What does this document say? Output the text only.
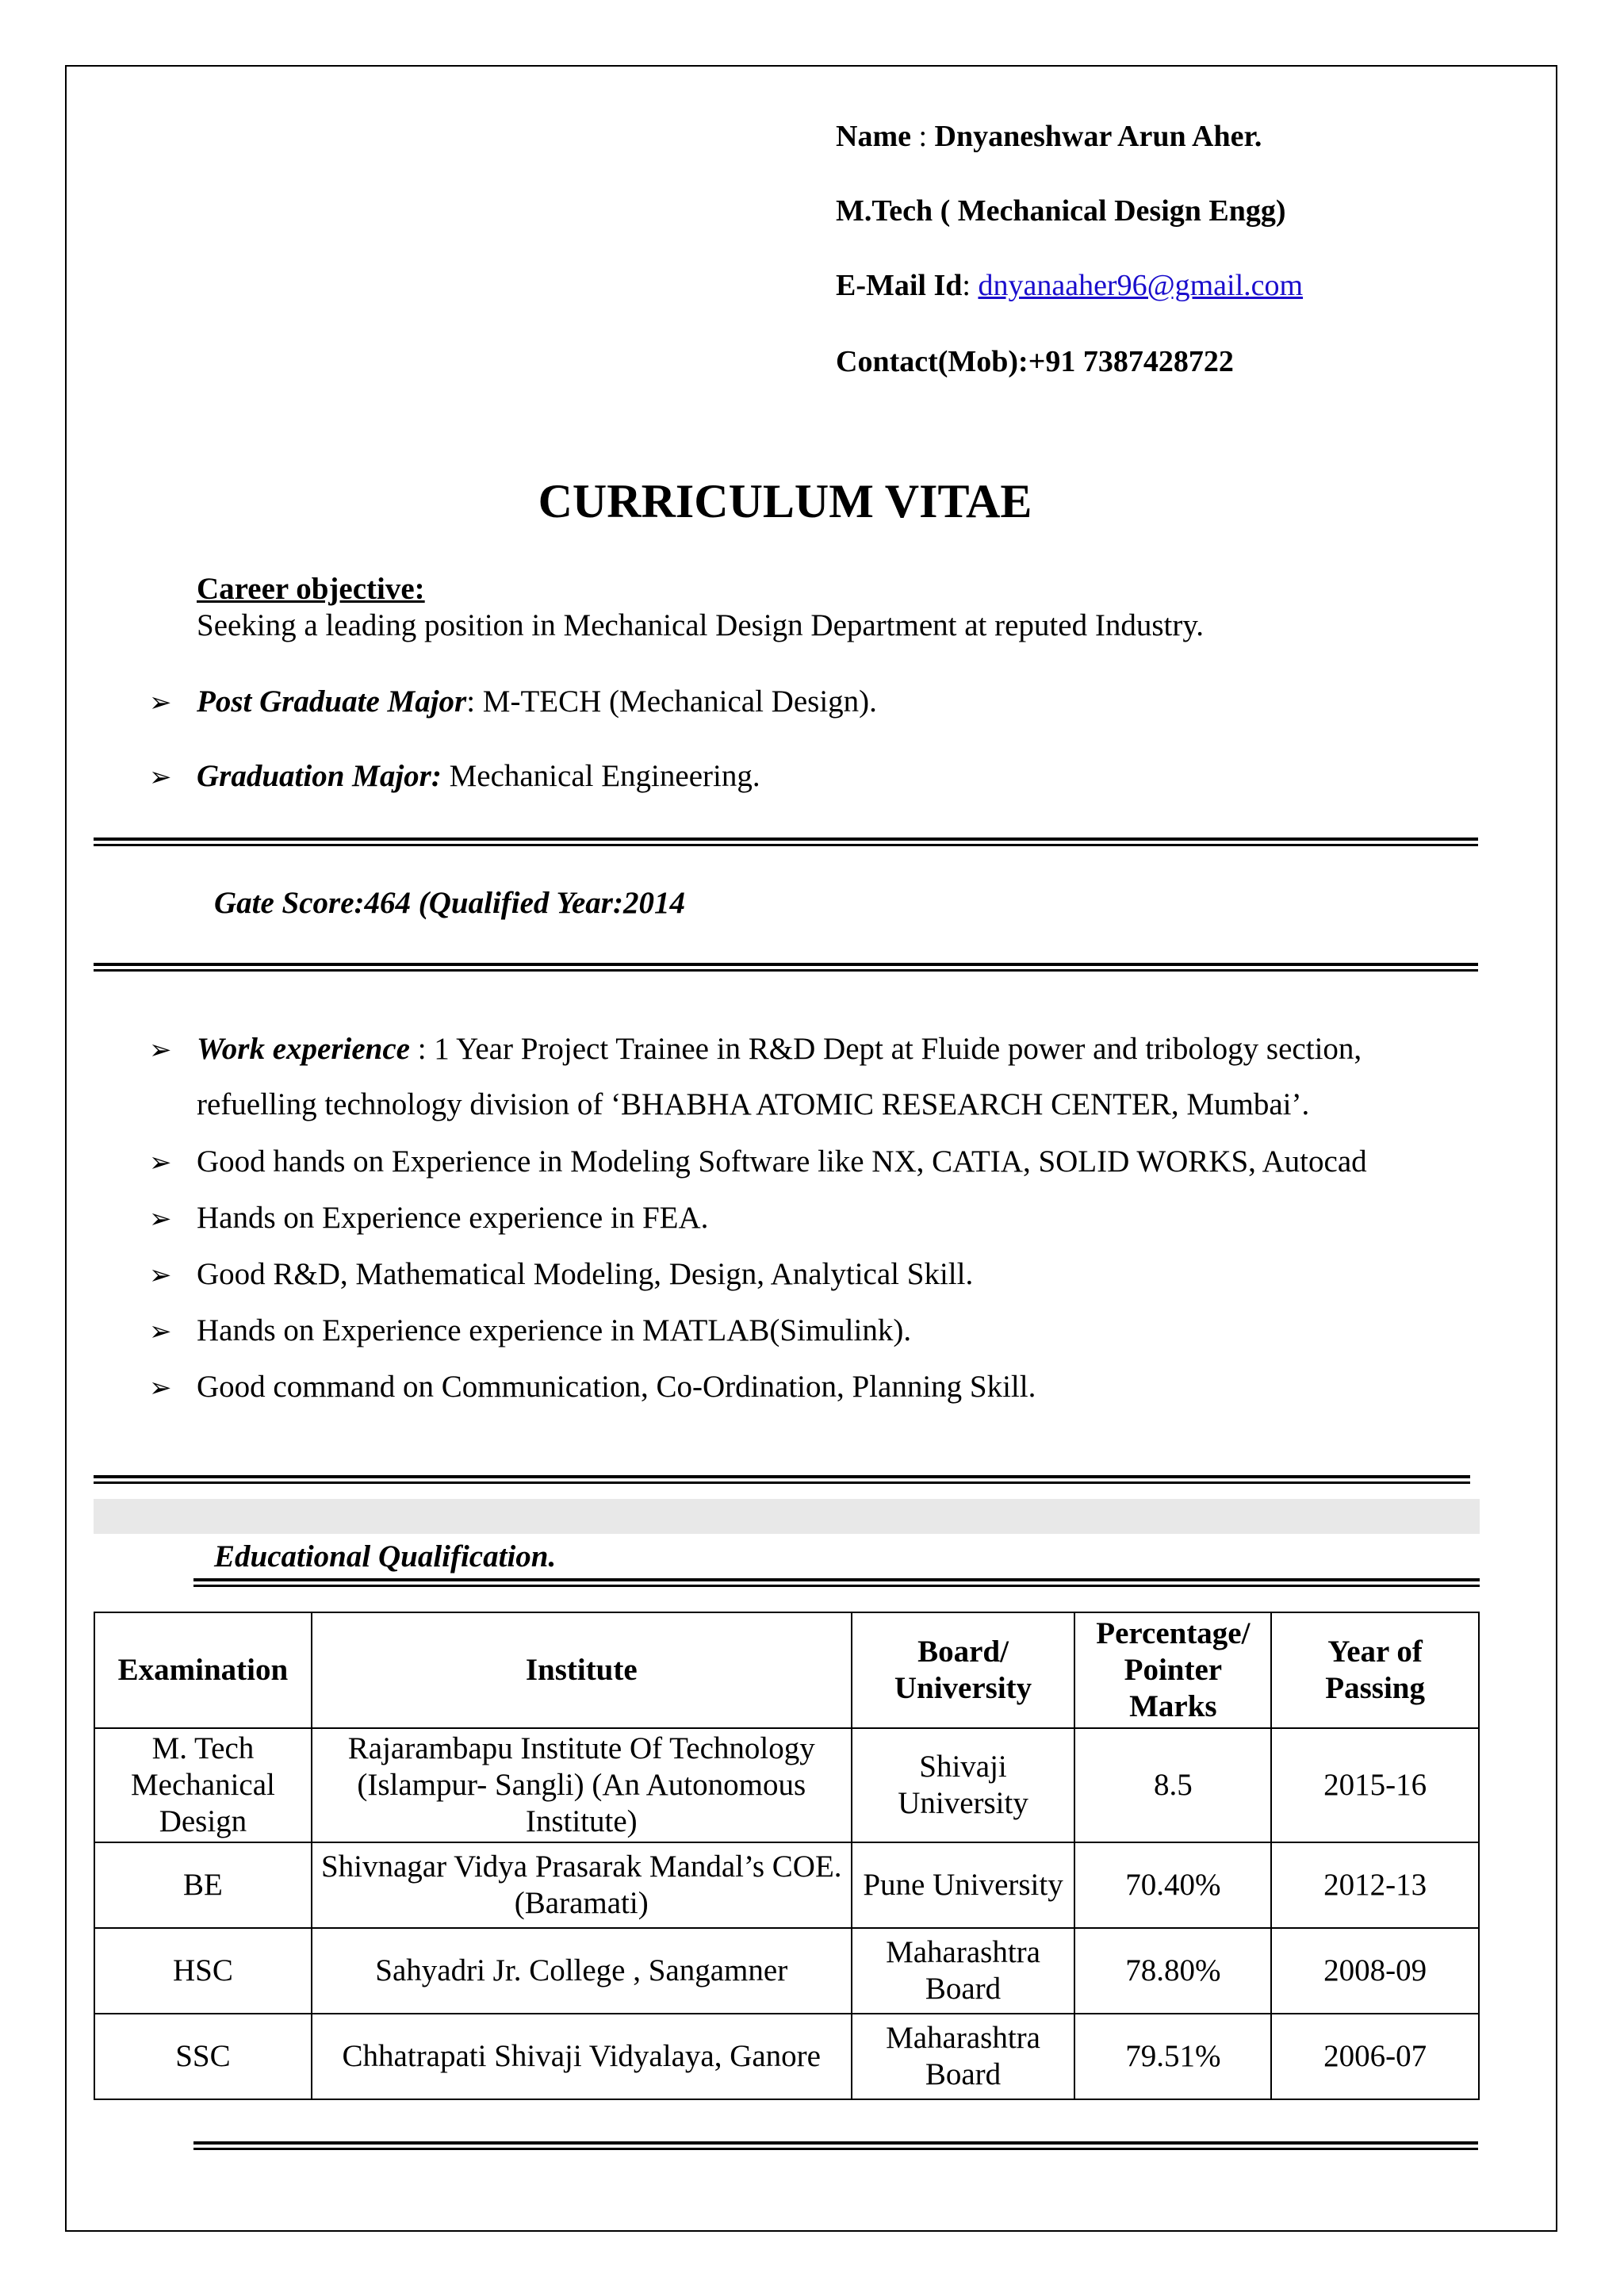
Name : Dnyaneshwar Arun Aher.
M.Tech ( Mechanical Design Engg)
E-Mail Id: dnyanaaher96@gmail.com
Contact(Mob):+91 7387428722
CURRICULUM VITAE
Career objective:
Seeking a leading position in Mechanical Design Department at reputed Industry.
➢ Post Graduate Major: M-TECH (Mechanical Design).
➢ Graduation Major: Mechanical Engineering.
Gate Score:464 (Qualified Year:2014
➢ Work experience : 1 Year Project Trainee in R&D Dept at Fluide power and tribology section,
refuelling technology division of ‘BHABHA ATOMIC RESEARCH CENTER, Mumbai’.
➢ Good hands on Experience in Modeling Software like NX, CATIA, SOLID WORKS, Autocad
➢ Hands on Experience experience in FEA.
➢ Good R&D, Mathematical Modeling, Design, Analytical Skill.
➢ Hands on Experience experience in MATLAB(Simulink).
➢ Good command on Communication, Co-Ordination, Planning Skill.
Educational Qualification.
Examination	Institute	Board/ University	Percentage/ Pointer Marks	Year of Passing
M. Tech Mechanical Design	Rajarambapu Institute Of Technology (Islampur- Sangli) (An Autonomous Institute)	Shivaji University	8.5	2015-16
BE	Shivnagar Vidya Prasarak Mandal’s COE.(Baramati)	Pune University	70.40%	2012-13
HSC	Sahyadri Jr. College , Sangamner	Maharashtra Board	78.80%	2008-09
SSC	Chhatrapati Shivaji Vidyalaya, Ganore	Maharashtra Board	79.51%	2006-07
